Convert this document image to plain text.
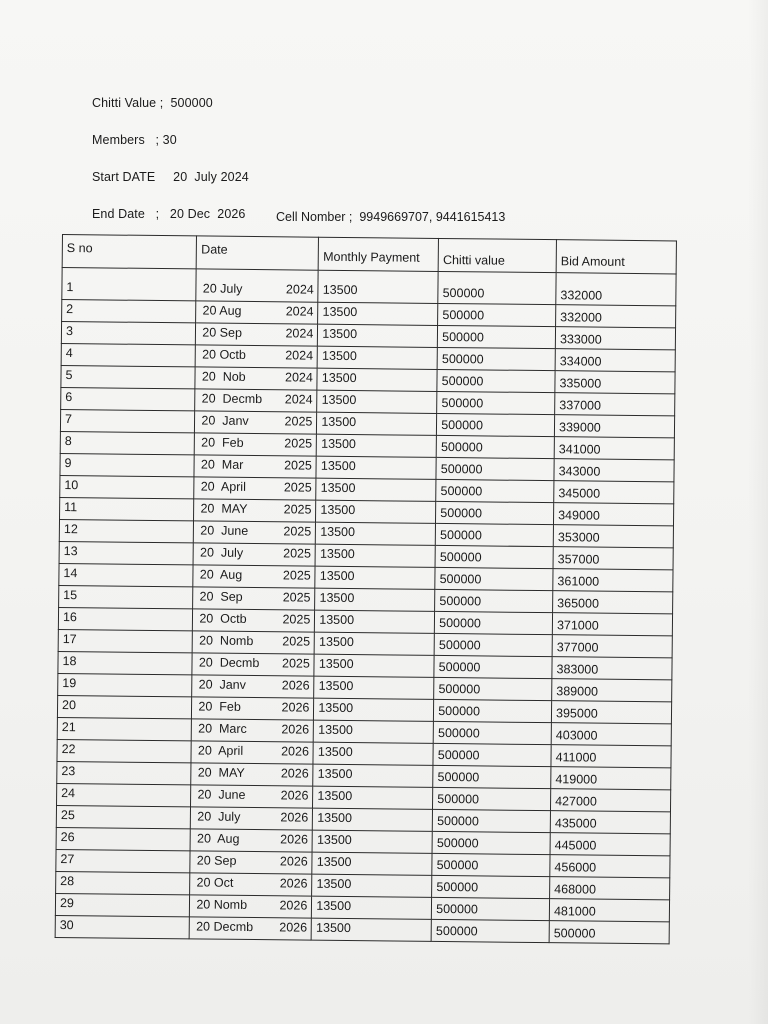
Chitti Value ;  500000
Members   ; 30
Start DATE     20  July 2024
End Date   ;   20 Dec  2026 Cell Nomber ;  9949669707, 9441615413
S no	Date	Monthly Payment	Chitti value	Bid Amount
1	20 July 2024	13500	500000	332000
2	20 Aug 2024	13500	500000	332000
3	20 Sep 2024	13500	500000	333000
4	20 Octb 2024	13500	500000	334000
5	20  Nob 2024	13500	500000	335000
6	20  Decmb 2024	13500	500000	337000
7	20  Janv 2025	13500	500000	339000
8	20  Feb 2025	13500	500000	341000
9	20  Mar 2025	13500	500000	343000
10	20  April 2025	13500	500000	345000
11	20  MAY 2025	13500	500000	349000
12	20  June 2025	13500	500000	353000
13	20  July 2025	13500	500000	357000
14	20  Aug 2025	13500	500000	361000
15	20  Sep 2025	13500	500000	365000
16	20  Octb 2025	13500	500000	371000
17	20  Nomb 2025	13500	500000	377000
18	20  Decmb 2025	13500	500000	383000
19	20  Janv 2026	13500	500000	389000
20	20  Feb 2026	13500	500000	395000
21	20  Marc 2026	13500	500000	403000
22	20  April 2026	13500	500000	411000
23	20  MAY 2026	13500	500000	419000
24	20  June 2026	13500	500000	427000
25	20  July 2026	13500	500000	435000
26	20  Aug 2026	13500	500000	445000
27	20 Sep 2026	13500	500000	456000
28	20 Oct 2026	13500	500000	468000
29	20 Nomb 2026	13500	500000	481000
30	20 Decmb 2026	13500	500000	500000
